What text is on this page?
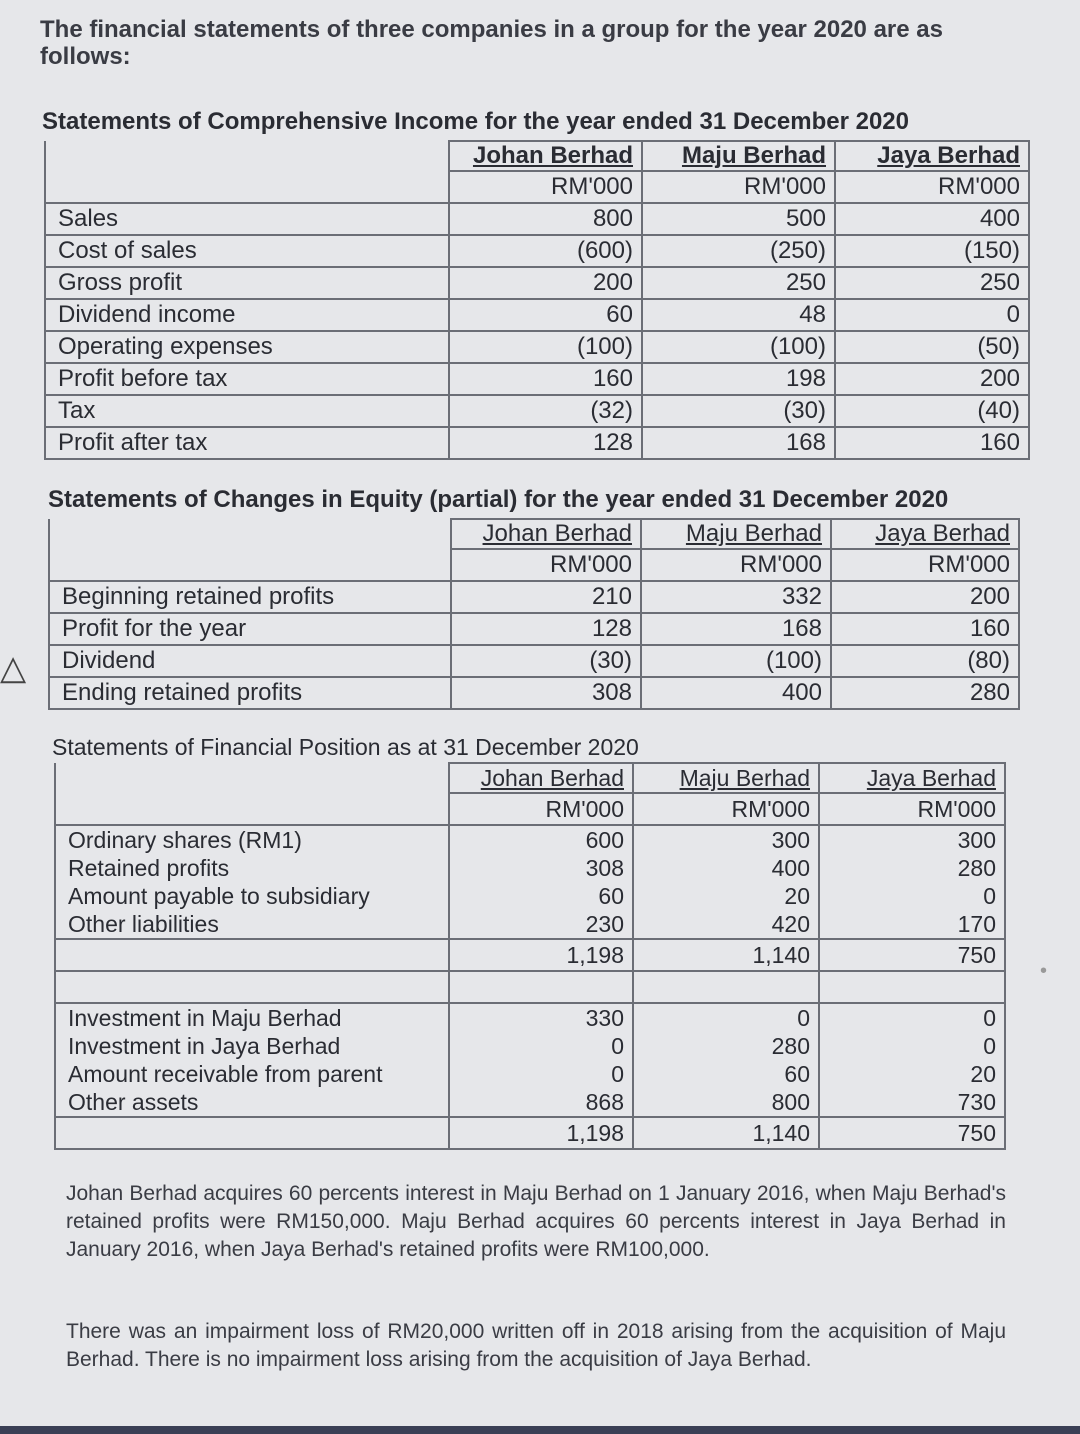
The financial statements of three companies in a group for the year 2020 are as follows:
Statements of Comprehensive Income for the year ended 31 December 2020
	Johan Berhad	Maju Berhad	Jaya Berhad
	RM'000	RM'000	RM'000
Sales	800	500	400
Cost of sales	(600)	(250)	(150)
Gross profit	200	250	250
Dividend income	60	48	0
Operating expenses	(100)	(100)	(50)
Profit before tax	160	198	200
Tax	(32)	(30)	(40)
Profit after tax	128	168	160
Statements of Changes in Equity (partial) for the year ended 31 December 2020
	Johan Berhad	Maju Berhad	Jaya Berhad
	RM'000	RM'000	RM'000
Beginning retained profits	210	332	200
Profit for the year	128	168	160
Dividend	(30)	(100)	(80)
Ending retained profits	308	400	280
△
Statements of Financial Position as at 31 December 2020
	Johan Berhad	Maju Berhad	Jaya Berhad
	RM'000	RM'000	RM'000
Ordinary shares (RM1)	600	300	300
Retained profits	308	400	280
Amount payable to subsidiary	60	20	0
Other liabilities	230	420	170
	1,198	1,140	750

Investment in Maju Berhad	330	0	0
Investment in Jaya Berhad	0	280	0
Amount receivable from parent	0	60	20
Other assets	868	800	730
	1,198	1,140	750
Johan Berhad acquires 60 percents interest in Maju Berhad on 1 January 2016, when Maju Berhad's retained profits were RM150,000. Maju Berhad acquires 60 percents interest in Jaya Berhad in January 2016, when Jaya Berhad's retained profits were RM100,000.
There was an impairment loss of RM20,000 written off in 2018 arising from the acquisition of Maju Berhad. There is no impairment loss arising from the acquisition of Jaya Berhad.
•
